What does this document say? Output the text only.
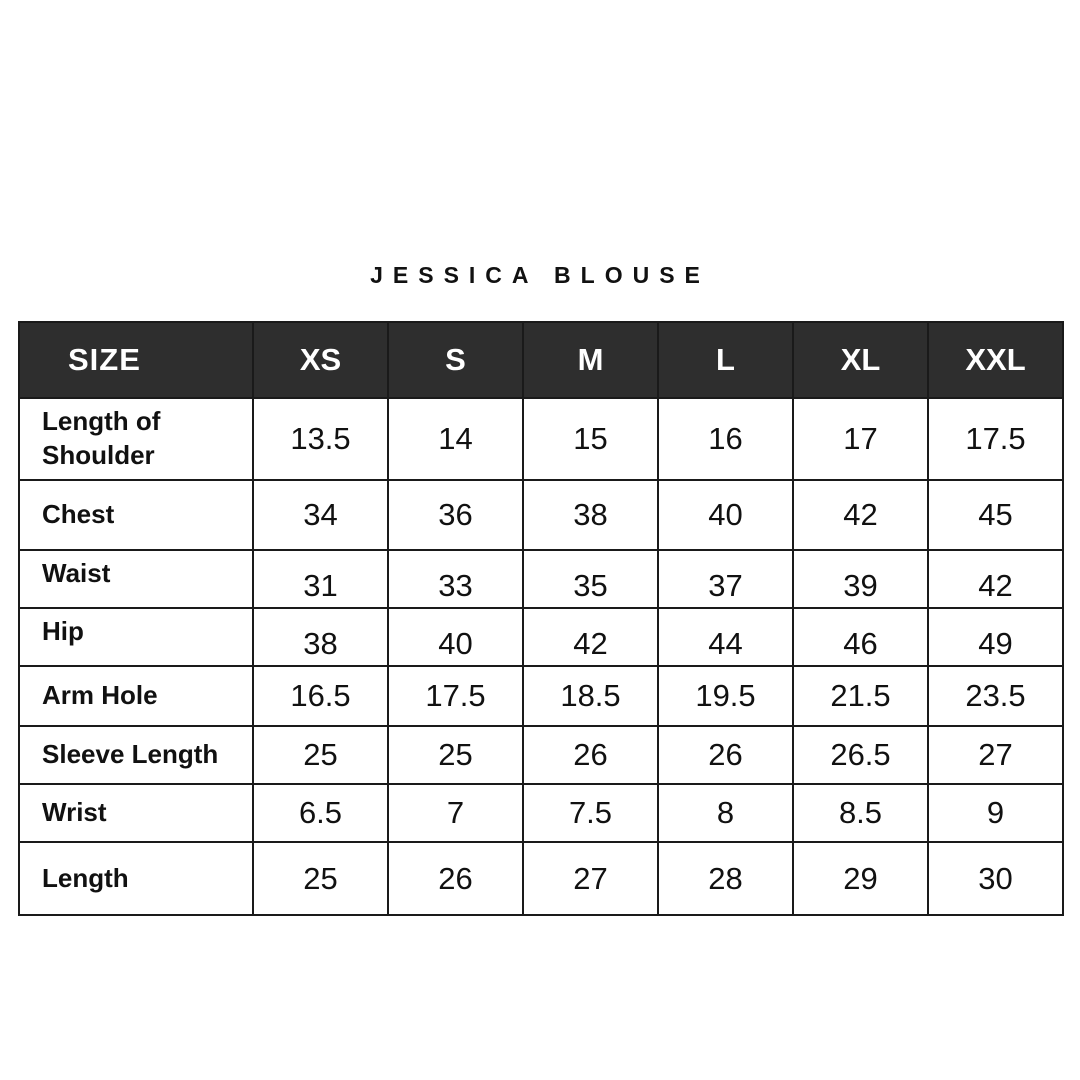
JESSICA BLOUSE
SIZE	XS	S	M	L	XL	XXL
Length of Shoulder	13.5	14	15	16	17	17.5
Chest	34	36	38	40	42	45
Waist	31	33	35	37	39	42
Hip	38	40	42	44	46	49
Arm Hole	16.5	17.5	18.5	19.5	21.5	23.5
Sleeve Length	25	25	26	26	26.5	27
Wrist	6.5	7	7.5	8	8.5	9
Length	25	26	27	28	29	30
